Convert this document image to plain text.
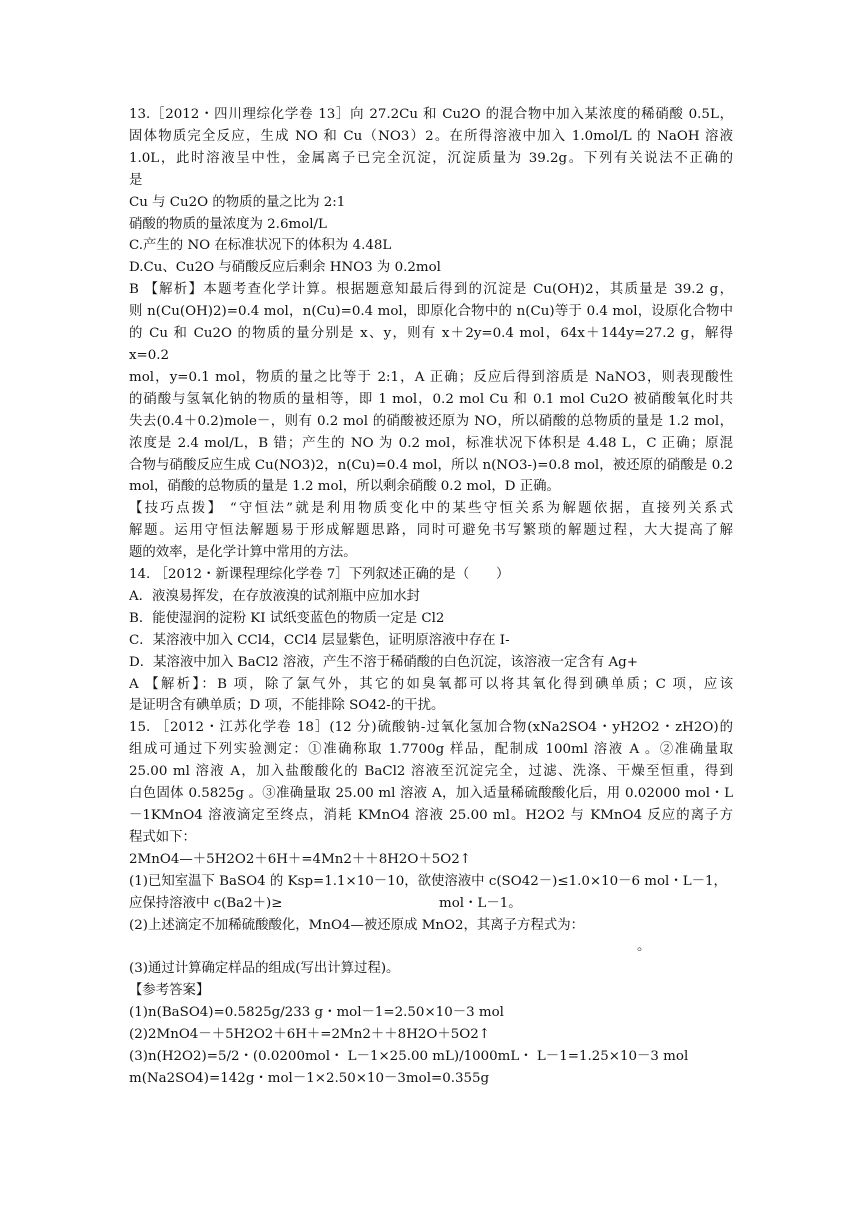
13.［2012・四川理综化学卷 13］向 27.2Cu 和 Cu2O 的混合物中加入某浓度的稀硝酸 0.5L，
固体物质完全反应，生成 NO 和 Cu（NO3）2。在所得溶液中加入 1.0mol/L 的 NaOH 溶液
1.0L，此时溶液呈中性，金属离子已完全沉淀，沉淀质量为 39.2g。下列有关说法不正确的
是
Cu 与 Cu2O 的物质的量之比为 2:1
硝酸的物质的量浓度为 2.6mol/L
C.产生的 NO 在标准状况下的体积为 4.48L
D.Cu、Cu2O 与硝酸反应后剩余 HNO3 为 0.2mol
B 【解析】本题考查化学计算。根据题意知最后得到的沉淀是 Cu(OH)2，其质量是 39.2 g，
则 n(Cu(OH)2)=0.4 mol，n(Cu)=0.4 mol，即原化合物中的 n(Cu)等于 0.4 mol，设原化合物中
的 Cu 和 Cu2O 的物质的量分别是 x、y，则有 x＋2y=0.4 mol，64x＋144y=27.2 g，解得 x=0.2
mol，y=0.1 mol，物质的量之比等于 2:1，A 正确；反应后得到溶质是 NaNO3，则表现酸性
的硝酸与氢氧化钠的物质的量相等，即 1 mol，0.2 mol Cu 和 0.1 mol Cu2O 被硝酸氧化时共
失去(0.4＋0.2)mole－，则有 0.2 mol 的硝酸被还原为 NO，所以硝酸的总物质的量是 1.2 mol，
浓度是 2.4 mol/L，B 错；产生的 NO 为 0.2 mol，标准状况下体积是 4.48 L，C 正确；原混
合物与硝酸反应生成 Cu(NO3)2，n(Cu)=0.4 mol，所以 n(NO3-)=0.8 mol，被还原的硝酸是 0.2
mol，硝酸的总物质的量是 1.2 mol，所以剩余硝酸 0.2 mol，D 正确。
【技巧点拨】 “守恒法”就是利用物质变化中的某些守恒关系为解题依据，直接列关系式
解题。运用守恒法解题易于形成解题思路，同时可避免书写繁琐的解题过程，大大提高了解
题的效率，是化学计算中常用的方法。
14. ［2012・新课程理综化学卷 7］下列叙述正确的是（　　）
A．液溴易挥发，在存放液溴的试剂瓶中应加水封
B．能使湿润的淀粉 KI 试纸变蓝色的物质一定是 Cl2
C．某溶液中加入 CCl4，CCl4 层显紫色，证明原溶液中存在 I-
D．某溶液中加入 BaCl2 溶液，产生不溶于稀硝酸的白色沉淀，该溶液一定含有 Ag+
A 【解析】：B 项，除了氯气外，其它的如臭氧都可以将其氧化得到碘单质；C 项，应该
是证明含有碘单质；D 项，不能排除 SO42-的干扰。
15. ［2012・江苏化学卷 18］(12 分)硫酸钠-过氧化氢加合物(xNa2SO4・yH2O2・zH2O)的
组成可通过下列实验测定：①准确称取 1.7700g 样品，配制成 100ml 溶液 A 。②准确量取
25.00 ml 溶液 A，加入盐酸酸化的 BaCl2 溶液至沉淀完全，过滤、洗涤、干燥至恒重，得到
白色固体 0.5825g 。③准确量取 25.00 ml 溶液 A，加入适量稀硫酸酸化后，用 0.02000 mol・L
－1KMnO4 溶液滴定至终点，消耗 KMnO4 溶液 25.00 ml。H2O2 与 KMnO4 反应的离子方
程式如下：
2MnO4—＋5H2O2＋6H＋=4Mn2＋＋8H2O＋5O2↑
(1)已知室温下 BaSO4 的 Ksp=1.1×10－10，欲使溶液中 c(SO42－)≤1.0×10－6 mol・L－1，
应保持溶液中 c(Ba2＋)≥	mol・L－1。
(2)上述滴定不加稀硫酸酸化，MnO4—被还原成 MnO2，其离子方程式为：
。
(3)通过计算确定样品的组成(写出计算过程)。
【参考答案】
(1)n(BaSO4)=0.5825g/233 g・mol－1=2.50×10－3 mol
(2)2MnO4－＋5H2O2＋6H＋=2Mn2＋＋8H2O＋5O2↑
(3)n(H2O2)=5/2・(0.0200mol・ L－1×25.00 mL)/1000mL・ L－1=1.25×10－3 mol
m(Na2SO4)=142g・mol－1×2.50×10－3mol=0.355g
